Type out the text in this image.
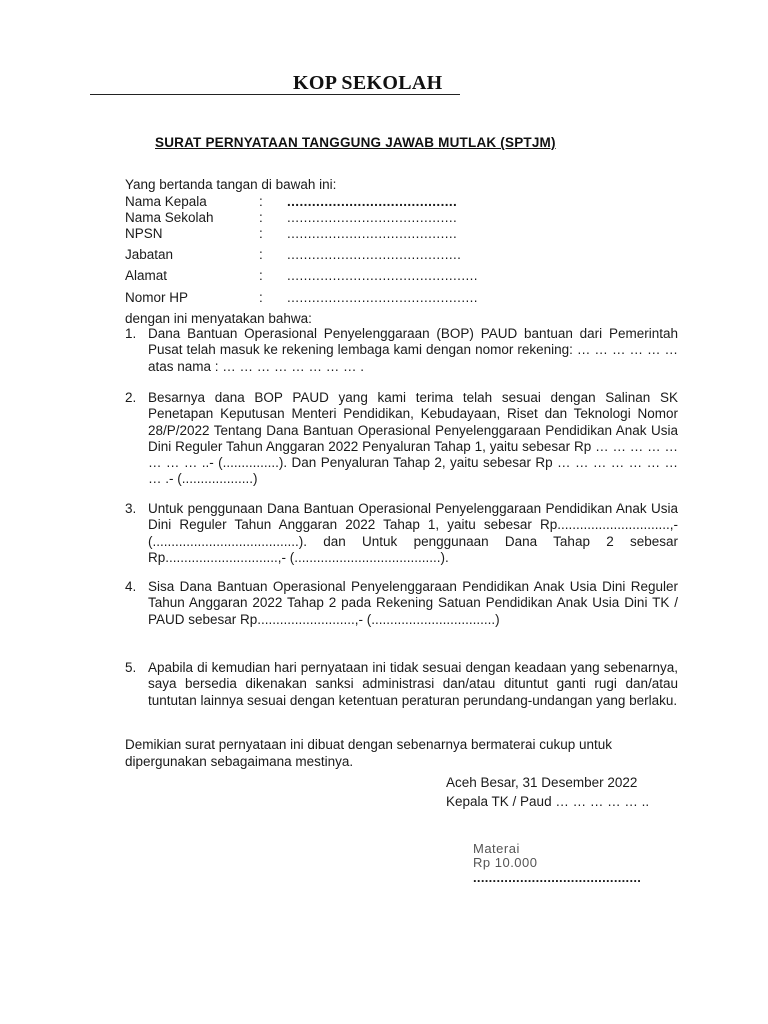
KOP SEKOLAH
SURAT PERNYATAAN TANGGUNG JAWAB MUTLAK (SPTJM)
Yang bertanda tangan di bawah ini:
Nama Kepala	: .........................................
Nama Sekolah	: .........................................
NPSN	: .........................................
Jabatan	: ..........................................
Alamat	: ..............................................
Nomor HP	: ..............................................
dengan ini menyatakan bahwa:
1. Dana Bantuan Operasional Penyelenggaraan (BOP) PAUD bantuan dari Pemerintah Pusat telah masuk ke rekening lembaga kami dengan nomor rekening: … … … … … … atas nama : … … … … … … … … .
2. Besarnya dana BOP PAUD yang kami terima telah sesuai dengan Salinan SK Penetapan Keputusan Menteri Pendidikan, Kebudayaan, Riset dan Teknologi Nomor 28/P/2022 Tentang Dana Bantuan Operasional Penyelenggaraan Pendidikan Anak Usia Dini Reguler Tahun Anggaran 2022 Penyaluran Tahap 1, yaitu sebesar Rp … … … … … … … … ..- (...............). Dan Penyaluran Tahap 2, yaitu sebesar Rp … … … … … … … … .- (...................)
3. Untuk penggunaan Dana Bantuan Operasional Penyelenggaraan Pendidikan Anak Usia Dini Reguler Tahun Anggaran 2022 Tahap 1, yaitu sebesar Rp..............................,- (.......................................). dan Untuk penggunaan Dana Tahap 2 sebesar Rp..............................,- (.......................................).
4. Sisa Dana Bantuan Operasional Penyelenggaraan Pendidikan Anak Usia Dini Reguler Tahun Anggaran 2022 Tahap 2 pada Rekening Satuan Pendidikan Anak Usia Dini TK / PAUD sebesar Rp..........................,- (.................................)
5. Apabila di kemudian hari pernyataan ini tidak sesuai dengan keadaan yang sebenarnya, saya bersedia dikenakan sanksi administrasi dan/atau dituntut ganti rugi dan/atau tuntutan lainnya sesuai dengan ketentuan peraturan perundang-undangan yang berlaku.
Demikian surat pernyataan ini dibuat dengan sebenarnya bermaterai cukup untuk dipergunakan sebagaimana mestinya.
Aceh Besar, 31 Desember 2022
Kepala TK / Paud … … … … … ..
Materai
Rp 10.000
...........................................
